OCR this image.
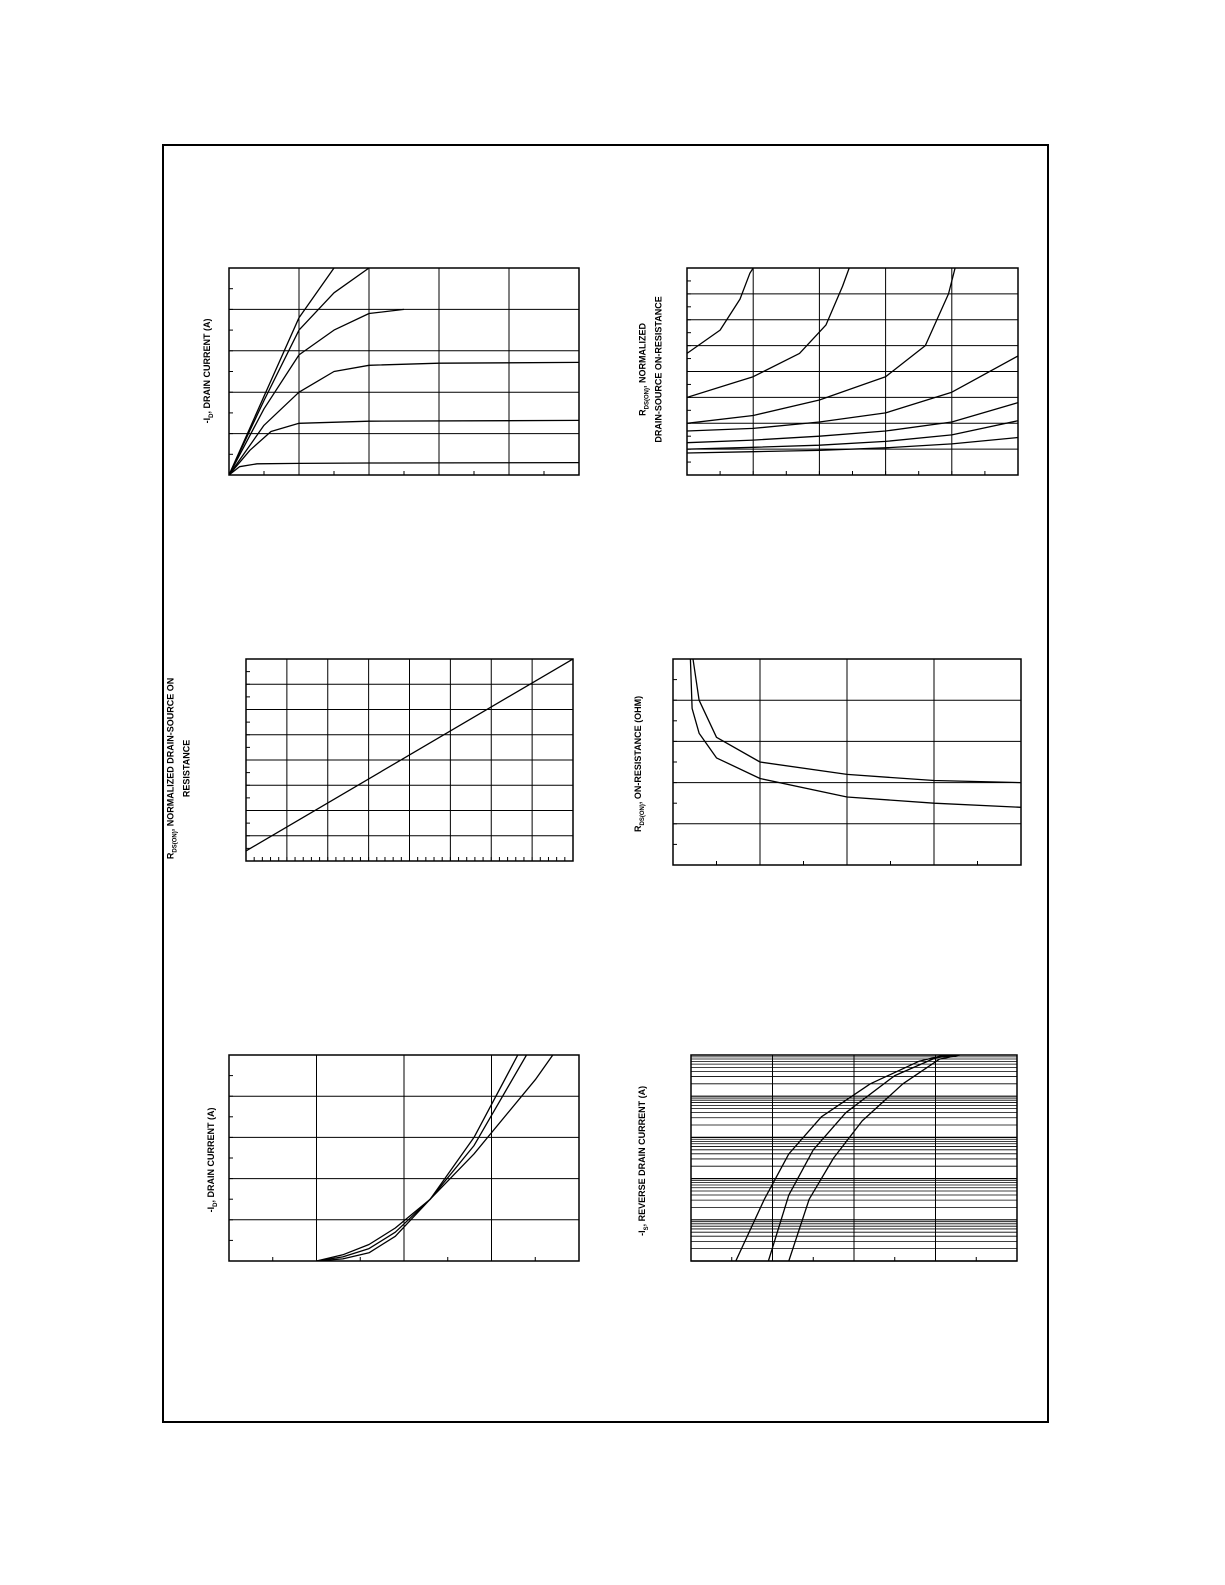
$-I_D$, DRAIN CURRENT (A)	$R_{DS(ON)}$, NORMALIZED DRAIN-SOURCE ON-RESISTANCE
$R_{DS(ON)}$, NORMALIZED DRAIN-SOURCE ON RESISTANCE
$R_{DS(ON)}$, ON-RESISTANCE (OHM)
$-I_D$, DRAIN CURRENT (A)
$-I_S$, REVERSE DRAIN CURRENT (A)
